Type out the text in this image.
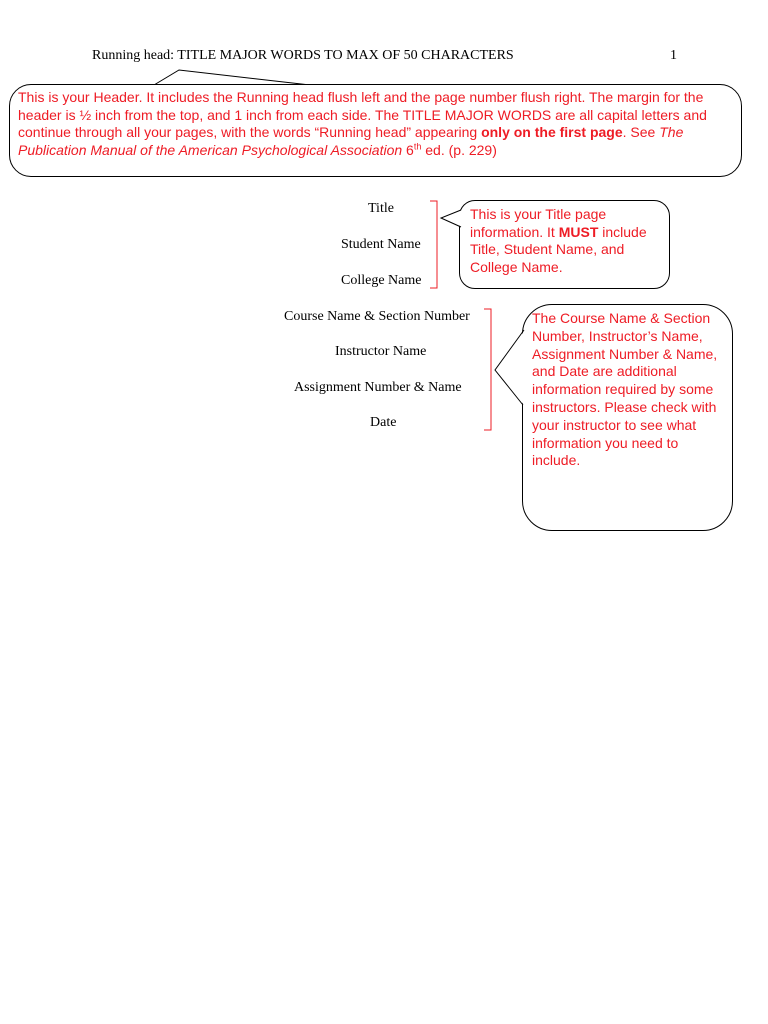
Running head: TITLE MAJOR WORDS TO MAX OF 50 CHARACTERS	1
This is your Header. It includes the Running head flush left and the page number flush right. The margin for the header is ½ inch from the top, and 1 inch from each side. The TITLE MAJOR WORDS are all capital letters and continue through all your pages, with the words “Running head” appearing only on the first page. See The Publication Manual of the American Psychological Association 6th ed. (p. 229)
Title
Student Name
College Name
Course Name & Section Number
Instructor Name
Assignment Number & Name
Date
This is your Title page information. It MUST include Title, Student Name, and College Name.
The Course Name & Section Number, Instructor’s Name, Assignment Number & Name, and Date are additional information required by some instructors. Please check with your instructor to see what information you need to include.
